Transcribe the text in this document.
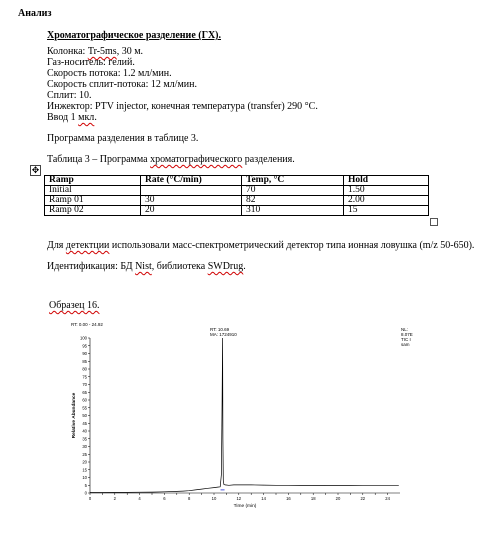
Анализ
Хроматографическое разделение (ГХ).
Колонка: Tr-5ms, 30 м.
Газ-носитель: гелий.
Скорость потока: 1.2 мл/мин.
Скорость сплит-потока: 12 мл/мин.
Сплит: 10.
Инжектор: PTV injector, конечная температура (transfer) 290 °C.
Ввод 1 мкл.
Программа разделения в таблице 3.
Таблица 3 – Программа хроматографического разделения.
✥
Ramp	Rate (°C/min)	Temp, °C	Hold
Initial		70	1.50
Ramp 01	30	82	2.00
Ramp 02	20	310	15
Для детектции использовали масс-спектрометрический детектор типа ионная ловушка (m/z 50-650).
Идентификация: БД Nist, библиотека SWDrug.
Образец 16.
RT: 0.00 - 24.92
RT: 10.69
MA: 1724910
NL:
8.07E
TIC I
sam
0
5
10
15
20
25
30
35
40
45
50
55
60
65
70
75
80
85
90
95
100
0	2	4	6	8	10	12	14	16	18	20	22	24
Time (min)
Relative Abundance
